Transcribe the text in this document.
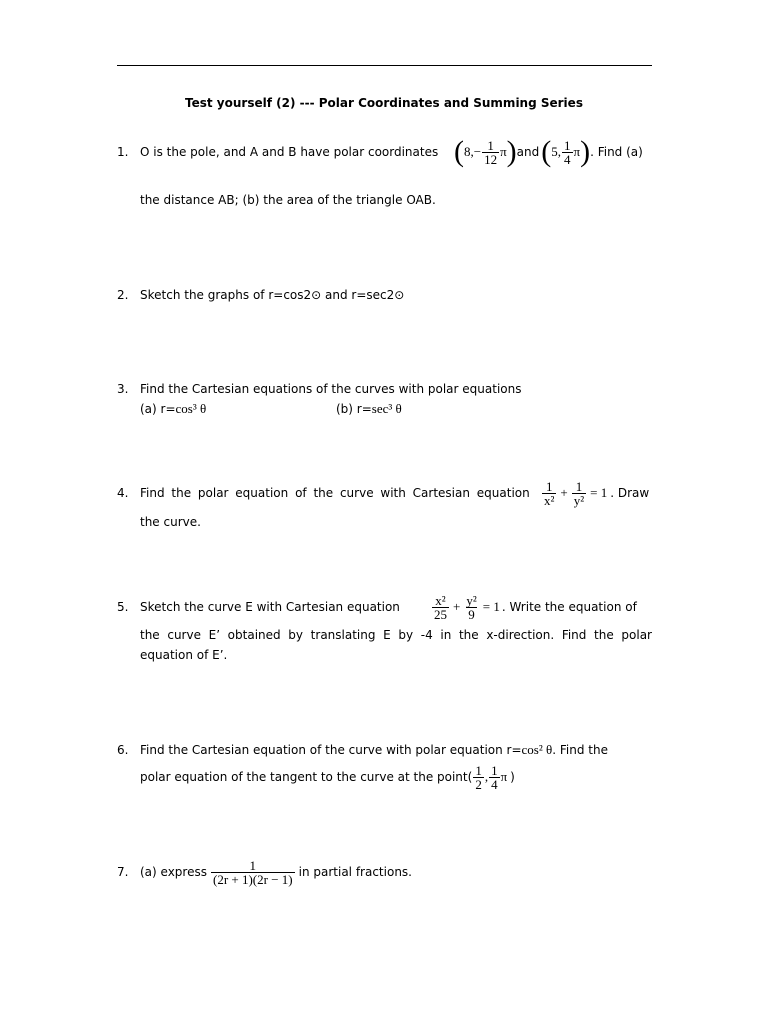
Test yourself (2) --- Polar Coordinates and Summing Series
1. O is the pole, and A and B have polar coordinates ( $8,- \frac{1}{12}$ π ) and ( 5, $\frac{1}{4}$ π ) . Find (a)
the distance AB; (b) the area of the triangle OAB.
2. Sketch the graphs of r=cos2⊙ and r=sec2⊙
3. Find the Cartesian equations of the curves with polar equations
(a) r=cos³ θ	(b) r=sec³ θ
4. Find the polar equation of the curve with Cartesian equation $\frac{1}{\text{x²}} + \frac{1}{\text{y²}} = 1$ . Draw
the curve.
5. Sketch the curve E with Cartesian equation $\frac{\text{x²}}{25} + \frac{\text{y²}}{9} = 1$ . Write the equation of
the curve E’ obtained by translating E by -4 in the x-direction. Find the polar
equation of E’.
6. Find the Cartesian equation of the curve with polar equation r=cos² θ. Find the
polar equation of the tangent to the curve at the point( $\frac{1}{2}$ , $\frac{1}{4}$ π )
7. (a) express $\frac{1}{(2r + 1)(2r - 1)}$ in partial fractions.
